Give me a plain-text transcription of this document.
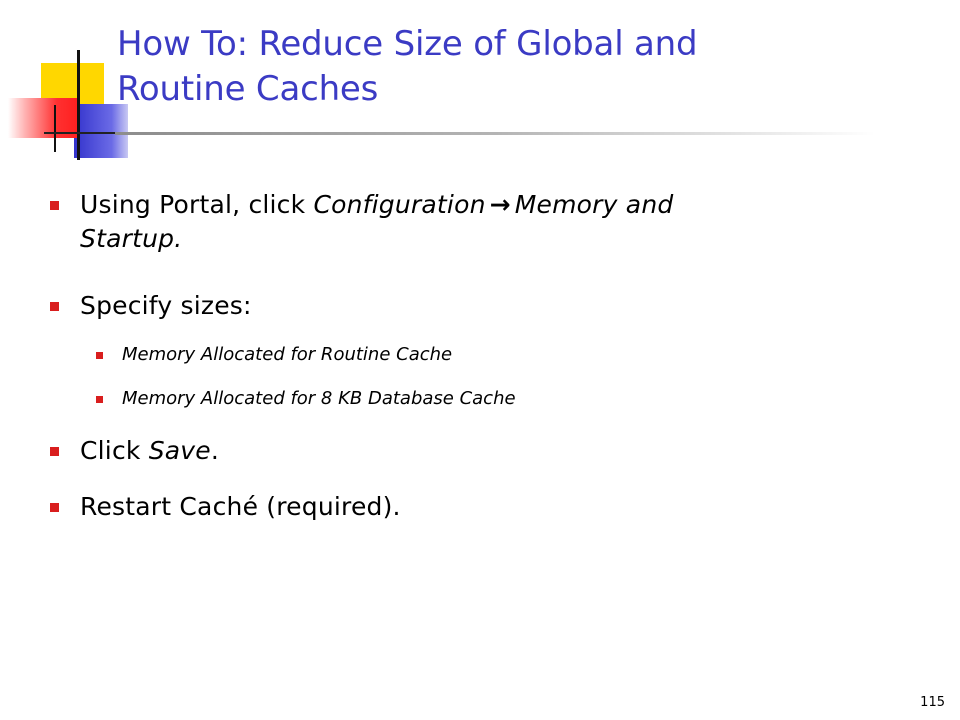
How To: Reduce Size of Global and
Routine Caches
Using Portal, click Configuration → Memory and
Startup.
Specify sizes:
Memory Allocated for Routine Cache
Memory Allocated for 8 KB Database Cache
Click Save.
Restart Caché (required).
115
